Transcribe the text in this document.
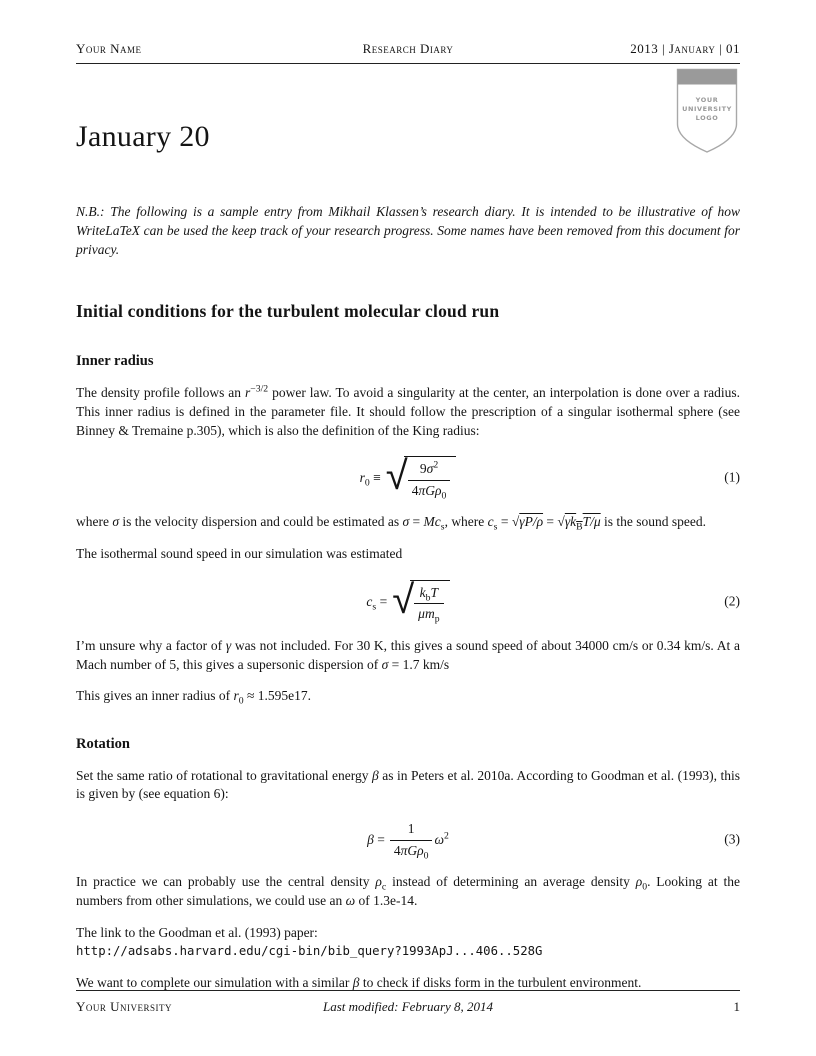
Your Name	Research Diary	2013 | January | 01
January 20

N.B.: The following is a sample entry from Mikhail Klassen’s research diary. It is intended to be illustrative of how WriteLaTeX can be used the keep track of your research progress. Some names have been removed from this document for privacy.

Initial conditions for the turbulent molecular cloud run
Inner radius

The density profile follows an $r^{-3/2}$ power law. To avoid a singularity at the center, an interpolation is done over a radius. This inner radius is defined in the parameter file. It should follow the prescription of a singular isothermal sphere (see Binney & Tremaine p.305), which is also the definition of the King radius:

$r_0$ ≡ √ $\frac{9\sigma^2}{4\pi G\rho_0}$	(1)

where σ is the velocity dispersion and could be estimated as $\sigma = Mc_s$, where $c_s = √\gamma P/\rho = √\gamma k_BT/\mu$ is the sound speed.

The isothermal sound speed in our simulation was estimated

$c_s$ = √ $\frac{k_bT}{\mu m_p}$	(2)

I’m unsure why a factor of γ was not included. For 30 K, this gives a sound speed of about 34000 cm/s or 0.34 km/s. At a Mach number of 5, this gives a supersonic dispersion of σ = 1.7 km/s

This gives an inner radius of $r_0 \approx 1.595e17$.

Rotation

Set the same ratio of rotational to gravitational energy β as in Peters et al. 2010a. According to Goodman et al. (1993), this is given by (see equation 6):

$\beta = \frac{1}{4\pi G\rho_0} \omega^2$	(3)

In practice we can probably use the central density $\rho_c$ instead of determining an average density $\rho_0$. Looking at the numbers from other simulations, we could use an ω of 1.3e-14.

The link to the Goodman et al. (1993) paper:
http://adsabs.harvard.edu/cgi-bin/bib_query?1993ApJ...406..528G

We want to complete our simulation with a similar β to check if disks form in the turbulent environment.

YOUR
UNIVERSITY
LOGO
Your University	Last modified: February 8, 2014	1
